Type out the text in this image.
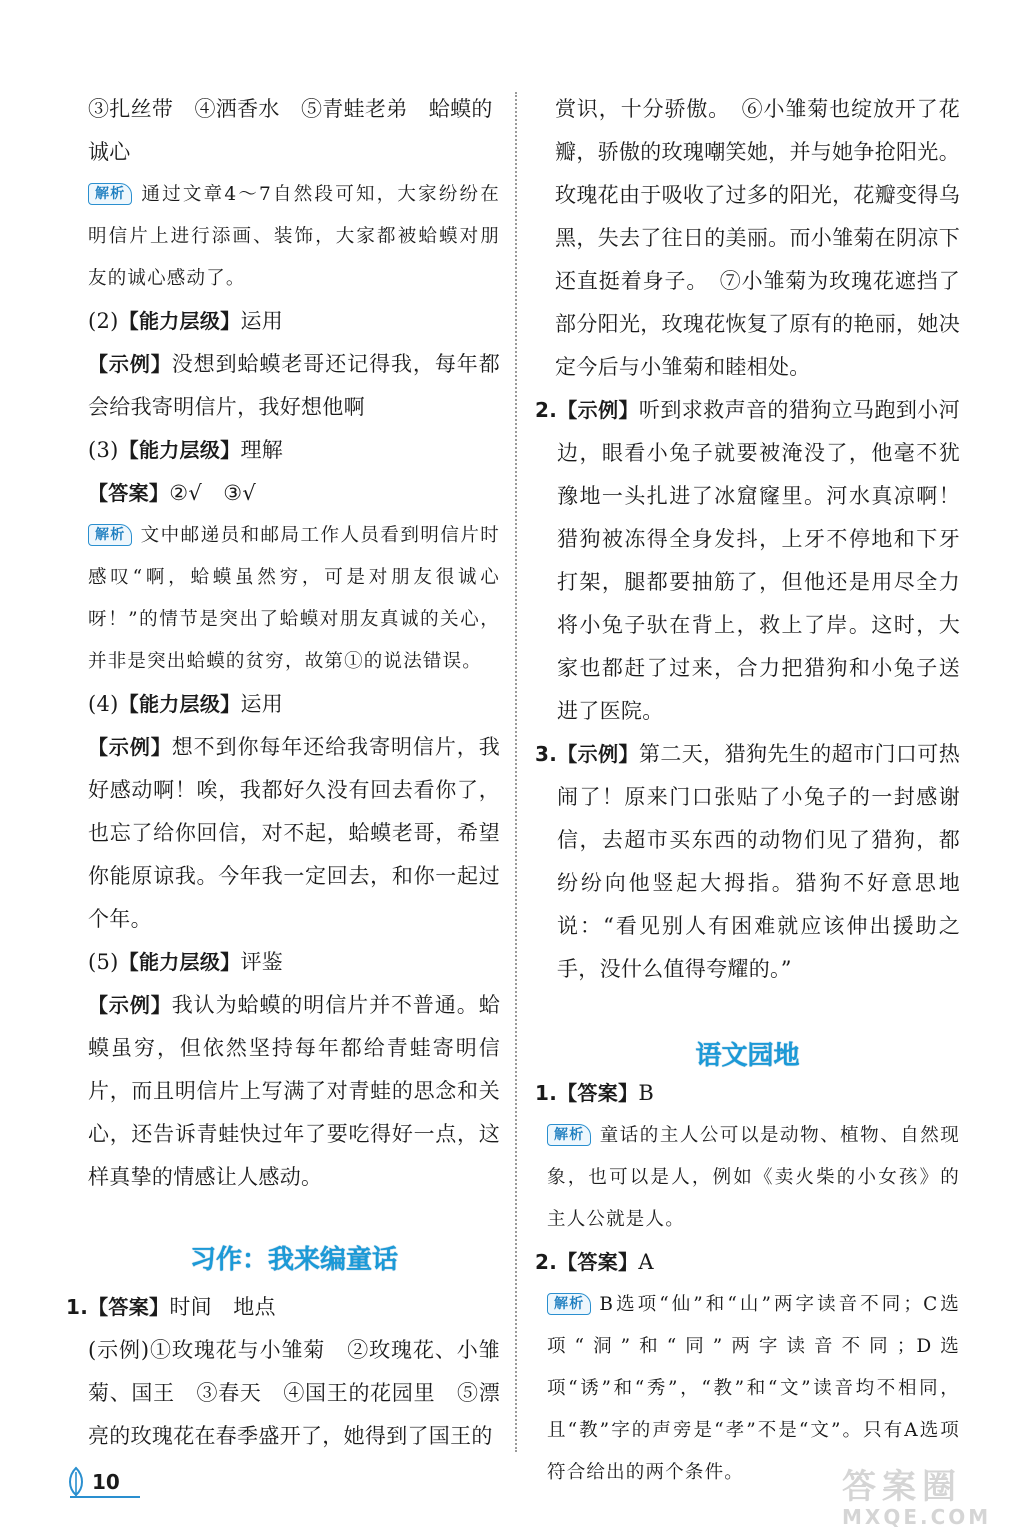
③扎丝带　④洒香水　⑤青蛙老弟　蛤蟆的
诚心

解析 通过文章4～7自然段可知，大家纷纷在明信片上进行添画、装饰，大家都被蛤蟆对朋友的诚心感动了。

(2)【能力层级】运用

【示例】没想到蛤蟆老哥还记得我，每年都会给我寄明信片，我好想他啊

(3)【能力层级】理解

【答案】②√　③√

解析 文中邮递员和邮局工作人员看到明信片时感叹“啊，蛤蟆虽然穷，可是对朋友很诚心呀！”的情节是突出了蛤蟆对朋友真诚的关心，并非是突出蛤蟆的贫穷，故第①的说法错误。

(4)【能力层级】运用

【示例】想不到你每年还给我寄明信片，我好感动啊！唉，我都好久没有回去看你了，也忘了给你回信，对不起，蛤蟆老哥，希望你能原谅我。今年我一定回去，和你一起过个年。

(5)【能力层级】评鉴

【示例】我认为蛤蟆的明信片并不普通。蛤蟆虽穷，但依然坚持每年都给青蛙寄明信片，而且明信片上写满了对青蛙的思念和关心，还告诉青蛙快过年了要吃得好一点，这样真挚的情感让人感动。

习作：我来编童话

1.【答案】时间　地点

(示例)①玫瑰花与小雏菊　②玫瑰花、小雏菊、国王　③春天　④国王的花园里　⑤漂亮的玫瑰花在春季盛开了，她得到了国王的

赏识，十分骄傲。　⑥小雏菊也绽放开了花瓣，骄傲的玫瑰嘲笑她，并与她争抢阳光。玫瑰花由于吸收了过多的阳光，花瓣变得乌黑，失去了往日的美丽。而小雏菊在阴凉下还直挺着身子。　⑦小雏菊为玫瑰花遮挡了部分阳光，玫瑰花恢复了原有的艳丽，她决定今后与小雏菊和睦相处。

2.【示例】听到求救声音的猎狗立马跑到小河边，眼看小兔子就要被淹没了，他毫不犹豫地一头扎进了冰窟窿里。河水真凉啊！猎狗被冻得全身发抖，上牙不停地和下牙打架，腿都要抽筋了，但他还是用尽全力将小兔子驮在背上，救上了岸。这时，大家也都赶了过来，合力把猎狗和小兔子送进了医院。

3.【示例】第二天，猎狗先生的超市门口可热闹了！原来门口张贴了小兔子的一封感谢信，去超市买东西的动物们见了猎狗，都纷纷向他竖起大拇指。猎狗不好意思地说：“看见别人有困难就应该伸出援助之手，没什么值得夸耀的。”

语文园地

1.【答案】B

解析 童话的主人公可以是动物、植物、自然现象，也可以是人，例如《卖火柴的小女孩》的主人公就是人。

2.【答案】A

解析 B选项“仙”和“山”两字读音不同；C选项“洞”和“同”两字读音不同；D选项“诱”和“秀”，“教”和“文”读音均不相同，且“教”字的声旁是“孝”不是“文”。只有A选项符合给出的两个条件。

10	答案圈
MXQE.COM
